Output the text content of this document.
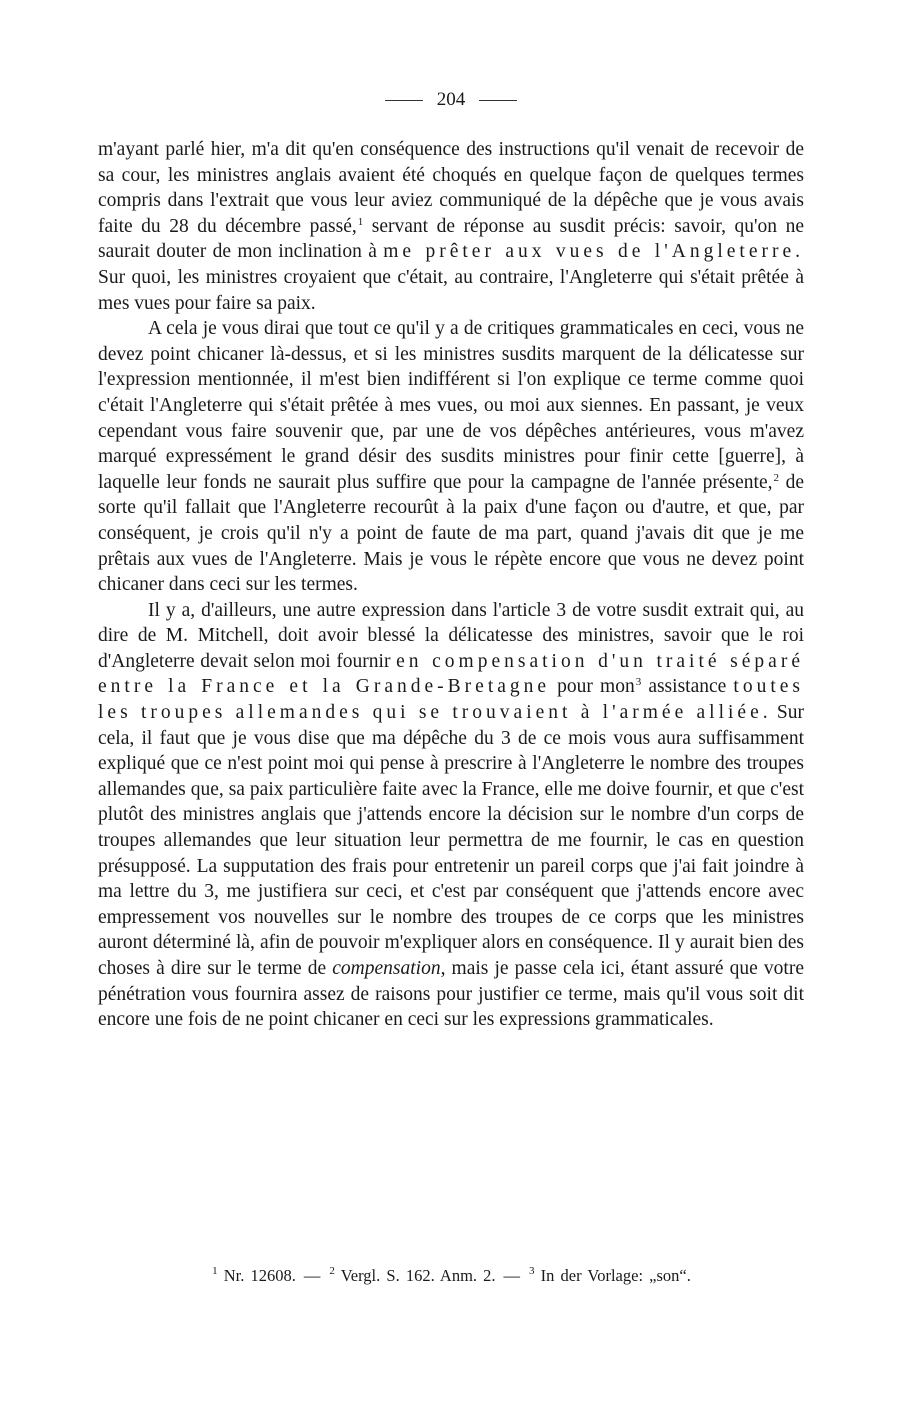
204

m'ayant parlé hier, m'a dit qu'en conséquence des instructions qu'il venait de recevoir de sa cour, les ministres anglais avaient été choqués en quelque façon de quelques termes compris dans l'extrait que vous leur aviez communiqué de la dépêche que je vous avais faite du 28 du décembre passé,$^1$ servant de réponse au susdit précis: savoir, qu'on ne saurait douter de mon inclination à me prêter aux vues de l'Angleterre. Sur quoi, les ministres croyaient que c'était, au contraire, l'Angleterre qui s'était prêtée à mes vues pour faire sa paix.

A cela je vous dirai que tout ce qu'il y a de critiques grammaticales en ceci, vous ne devez point chicaner là-dessus, et si les ministres susdits marquent de la délicatesse sur l'expression mentionnée, il m'est bien indifférent si l'on explique ce terme comme quoi c'était l'Angleterre qui s'était prêtée à mes vues, ou moi aux siennes. En passant, je veux cependant vous faire souvenir que, par une de vos dépêches antérieures, vous m'avez marqué expressément le grand désir des susdits ministres pour finir cette [guerre], à laquelle leur fonds ne saurait plus suffire que pour la campagne de l'année présente,$^2$ de sorte qu'il fallait que l'Angleterre recourût à la paix d'une façon ou d'autre, et que, par conséquent, je crois qu'il n'y a point de faute de ma part, quand j'avais dit que je me prêtais aux vues de l'Angleterre. Mais je vous le répète encore que vous ne devez point chicaner dans ceci sur les termes.

Il y a, d'ailleurs, une autre expression dans l'article 3 de votre susdit extrait qui, au dire de M. Mitchell, doit avoir blessé la délicatesse des ministres, savoir que le roi d'Angleterre devait selon moi fournir en compensation d'un traité séparé entre la France et la Grande-Bretagne pour mon$^3$ assistance toutes les troupes allemandes qui se trouvaient à l'armée alliée. Sur cela, il faut que je vous dise que ma dépêche du 3 de ce mois vous aura suffisamment expliqué que ce n'est point moi qui pense à prescrire à l'Angleterre le nombre des troupes allemandes que, sa paix particulière faite avec la France, elle me doive fournir, et que c'est plutôt des ministres anglais que j'attends encore la décision sur le nombre d'un corps de troupes allemandes que leur situation leur permettra de me fournir, le cas en question présupposé. La supputation des frais pour entretenir un pareil corps que j'ai fait joindre à ma lettre du 3, me justifiera sur ceci, et c'est par conséquent que j'attends encore avec empressement vos nouvelles sur le nombre des troupes de ce corps que les ministres auront déterminé là, afin de pouvoir m'expliquer alors en conséquence. Il y aurait bien des choses à dire sur le terme de compensation, mais je passe cela ici, étant assuré que votre pénétration vous fournira assez de raisons pour justifier ce terme, mais qu'il vous soit dit encore une fois de ne point chicaner en ceci sur les expressions grammaticales.

$^1$ Nr. 12608. — $^2$ Vergl. S. 162. Anm. 2. — $^3$ In der Vorlage: „son“.
